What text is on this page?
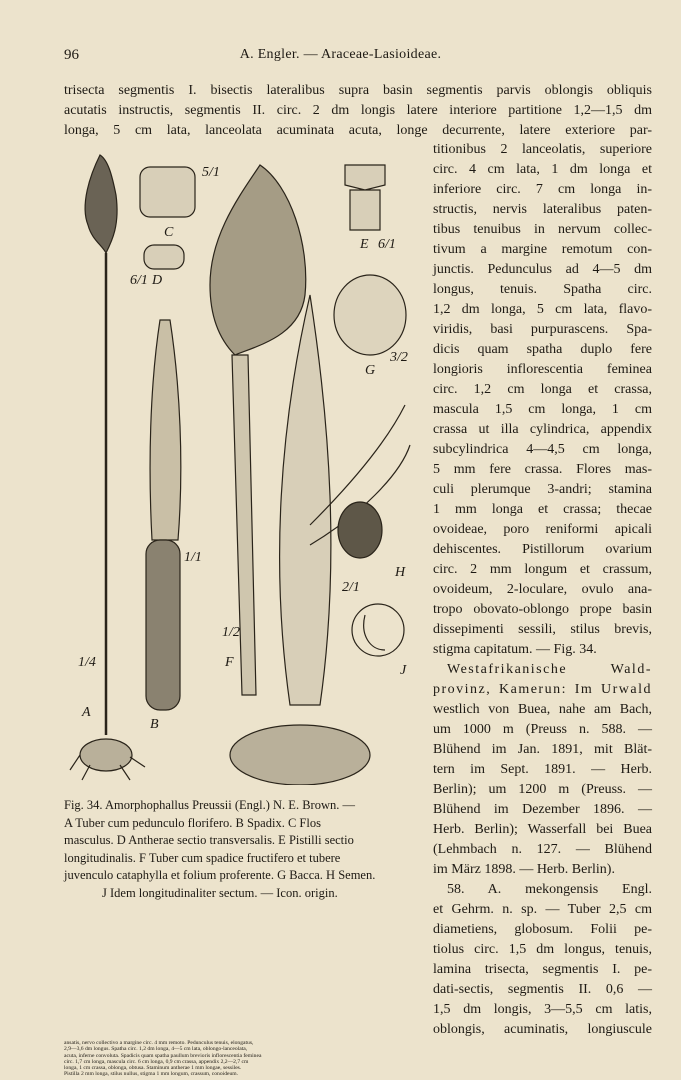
96	A. Engler. — Araceae-Lasioideae.
trisecta segmentis I. bisectis lateralibus supra basin segmentis parvis oblongis obliquis
acutatis instructis, segmentis II. circ. 2 dm longis latere interiore partitione 1,2—1,5 dm
longa, 5 cm lata, lanceolata acuminata acuta, longe decurrente, latere exteriore par-
titionibus 2 lanceolatis, superiore
circ. 4 cm lata, 1 dm longa et
inferiore circ. 7 cm longa in-
structis, nervis lateralibus paten-
tibus tenuibus in nervum collec-
tivum a margine remotum con-
junctis. Pedunculus ad 4—5 dm
longus, tenuis. Spatha circ.
1,2 dm longa, 5 cm lata, flavo-
viridis, basi purpurascens. Spa-
dicis quam spatha duplo fere
longioris inflorescentia feminea
circ. 1,2 cm longa et crassa,
mascula 1,5 cm longa, 1 cm
crassa ut illa cylindrica, appendix
subcylindrica 4—4,5 cm longa,
5 mm fere crassa. Flores mas-
culi plerumque 3-andri; stamina
1 mm longa et crassa; thecae
ovoideae, poro reniformi apicali
dehiscentes. Pistillorum ovarium
circ. 2 mm longum et crassum,
ovoideum, 2-loculare, ovulo ana-
tropo obovato-oblongo prope basin
dissepimenti sessili, stilus brevis,
stigma capitatum. — Fig. 34.
Westafrikanische Wald-
provinz, Kamerun: Im Urwald
westlich von Buea, nahe am Bach,
um 1000 m (Preuss n. 588. —
Blühend im Jan. 1891, mit Blät-
tern im Sept. 1891. — Herb.
Berlin); um 1200 m (Preuss. —
Blühend im Dezember 1896. —
Herb. Berlin); Wasserfall bei Buea
(Lehmbach n. 127. — Blühend
im März 1898. — Herb. Berlin).
58. A. mekongensis Engl.
et Gehrm. n. sp. — Tuber 2,5 cm
diametiens, globosum. Folii pe-
tiolus circ. 1,5 dm longus, tenuis,
lamina trisecta, segmentis I. pe-
dati-sectis, segmentis II. 0,6 —
1,5 dm longis, 3—5,5 cm latis,
oblongis, acuminatis, longiuscule
Fig. 34. Amorphophallus Preussii (Engl.) N. E. Brown. —
A Tuber cum pedunculo florifero. B Spadix. C Flos
masculus. D Antherae sectio transversalis. E Pistilli sectio
longitudinalis. F Tuber cum spadice fructifero et tubere
juvenculo cataphylla et folium proferente. G Bacca. H Semen.
J Idem longitudinaliter sectum. — Icon. origin.
ansatis, nervo collectivo a margine circ. 4 mm remoto. Pedunculus tenuis, elongatus,
2,9—3,6 dm longus. Spatha circ. 1,2 dm longa, 4—5 cm lata, oblongo-lanceolata,
acuta, inferne convoluta. Spadicis quam spatha paullum brevioris inflorescentia feminea
circ. 1,7 cm longa, mascula circ. 6 cm longa, 0,9 cm crassa, appendix 2,2—2,7 cm
longa, 1 cm crassa, oblonga, obtusa. Staminum antherae 1 mm longae, sessiles.
Pistilla 2 mm longa, stilus nullus, stigma 1 mm longum, crassum, conoideum.
A
B
C
D
E
F
G
H
J
1/4
1/1
5/1
6/1
6/1
1/2
3/2
2/1
